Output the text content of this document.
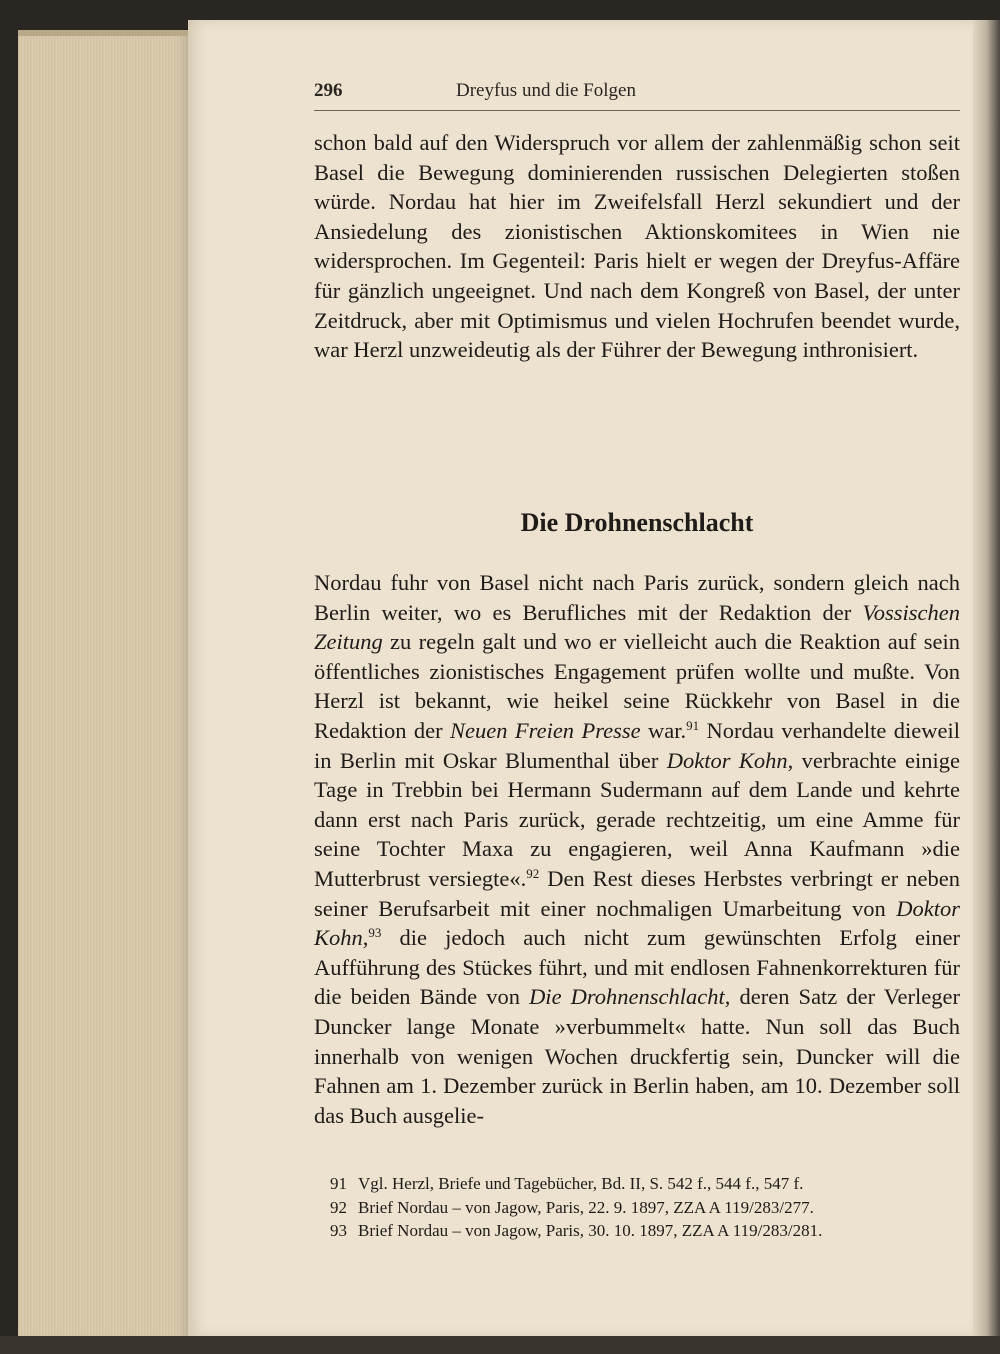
296	Dreyfus und die Folgen

schon bald auf den Widerspruch vor allem der zahlenmäßig schon seit Basel die Bewegung dominierenden russischen Delegierten stoßen würde. Nordau hat hier im Zweifelsfall Herzl sekundiert und der Ansiedelung des zionistischen Aktionskomitees in Wien nie widersprochen. Im Gegenteil: Paris hielt er wegen der Dreyfus-Affäre für gänzlich ungeeignet. Und nach dem Kongreß von Basel, der unter Zeitdruck, aber mit Optimismus und vielen Hochrufen beendet wurde, war Herzl unzweideutig als der Führer der Bewegung inthronisiert.

Die Drohnenschlacht

Nordau fuhr von Basel nicht nach Paris zurück, sondern gleich nach Berlin weiter, wo es Berufliches mit der Redaktion der Vossischen Zeitung zu regeln galt und wo er vielleicht auch die Reaktion auf sein öffentliches zionistisches Engagement prüfen wollte und mußte. Von Herzl ist bekannt, wie heikel seine Rückkehr von Basel in die Redaktion der Neuen Freien Presse war.$^{91}$ Nordau verhandelte dieweil in Berlin mit Oskar Blumenthal über Doktor Kohn, verbrachte einige Tage in Trebbin bei Hermann Sudermann auf dem Lande und kehrte dann erst nach Paris zurück, gerade rechtzeitig, um eine Amme für seine Tochter Maxa zu engagieren, weil Anna Kaufmann »die Mutterbrust versiegte«.$^{92}$ Den Rest dieses Herbstes verbringt er neben seiner Berufsarbeit mit einer nochmaligen Umarbeitung von Doktor Kohn,$^{93}$ die jedoch auch nicht zum gewünschten Erfolg einer Aufführung des Stückes führt, und mit endlosen Fahnenkorrekturen für die beiden Bände von Die Drohnenschlacht, deren Satz der Verleger Duncker lange Monate »verbummelt« hatte. Nun soll das Buch innerhalb von wenigen Wochen druckfertig sein, Duncker will die Fahnen am 1. Dezember zurück in Berlin haben, am 10. Dezember soll das Buch ausgelie-

91 Vgl. Herzl, Briefe und Tagebücher, Bd. II, S. 542 f., 544 f., 547 f.
92 Brief Nordau – von Jagow, Paris, 22. 9. 1897, ZZA A 119/283/277.
93 Brief Nordau – von Jagow, Paris, 30. 10. 1897, ZZA A 119/283/281.
